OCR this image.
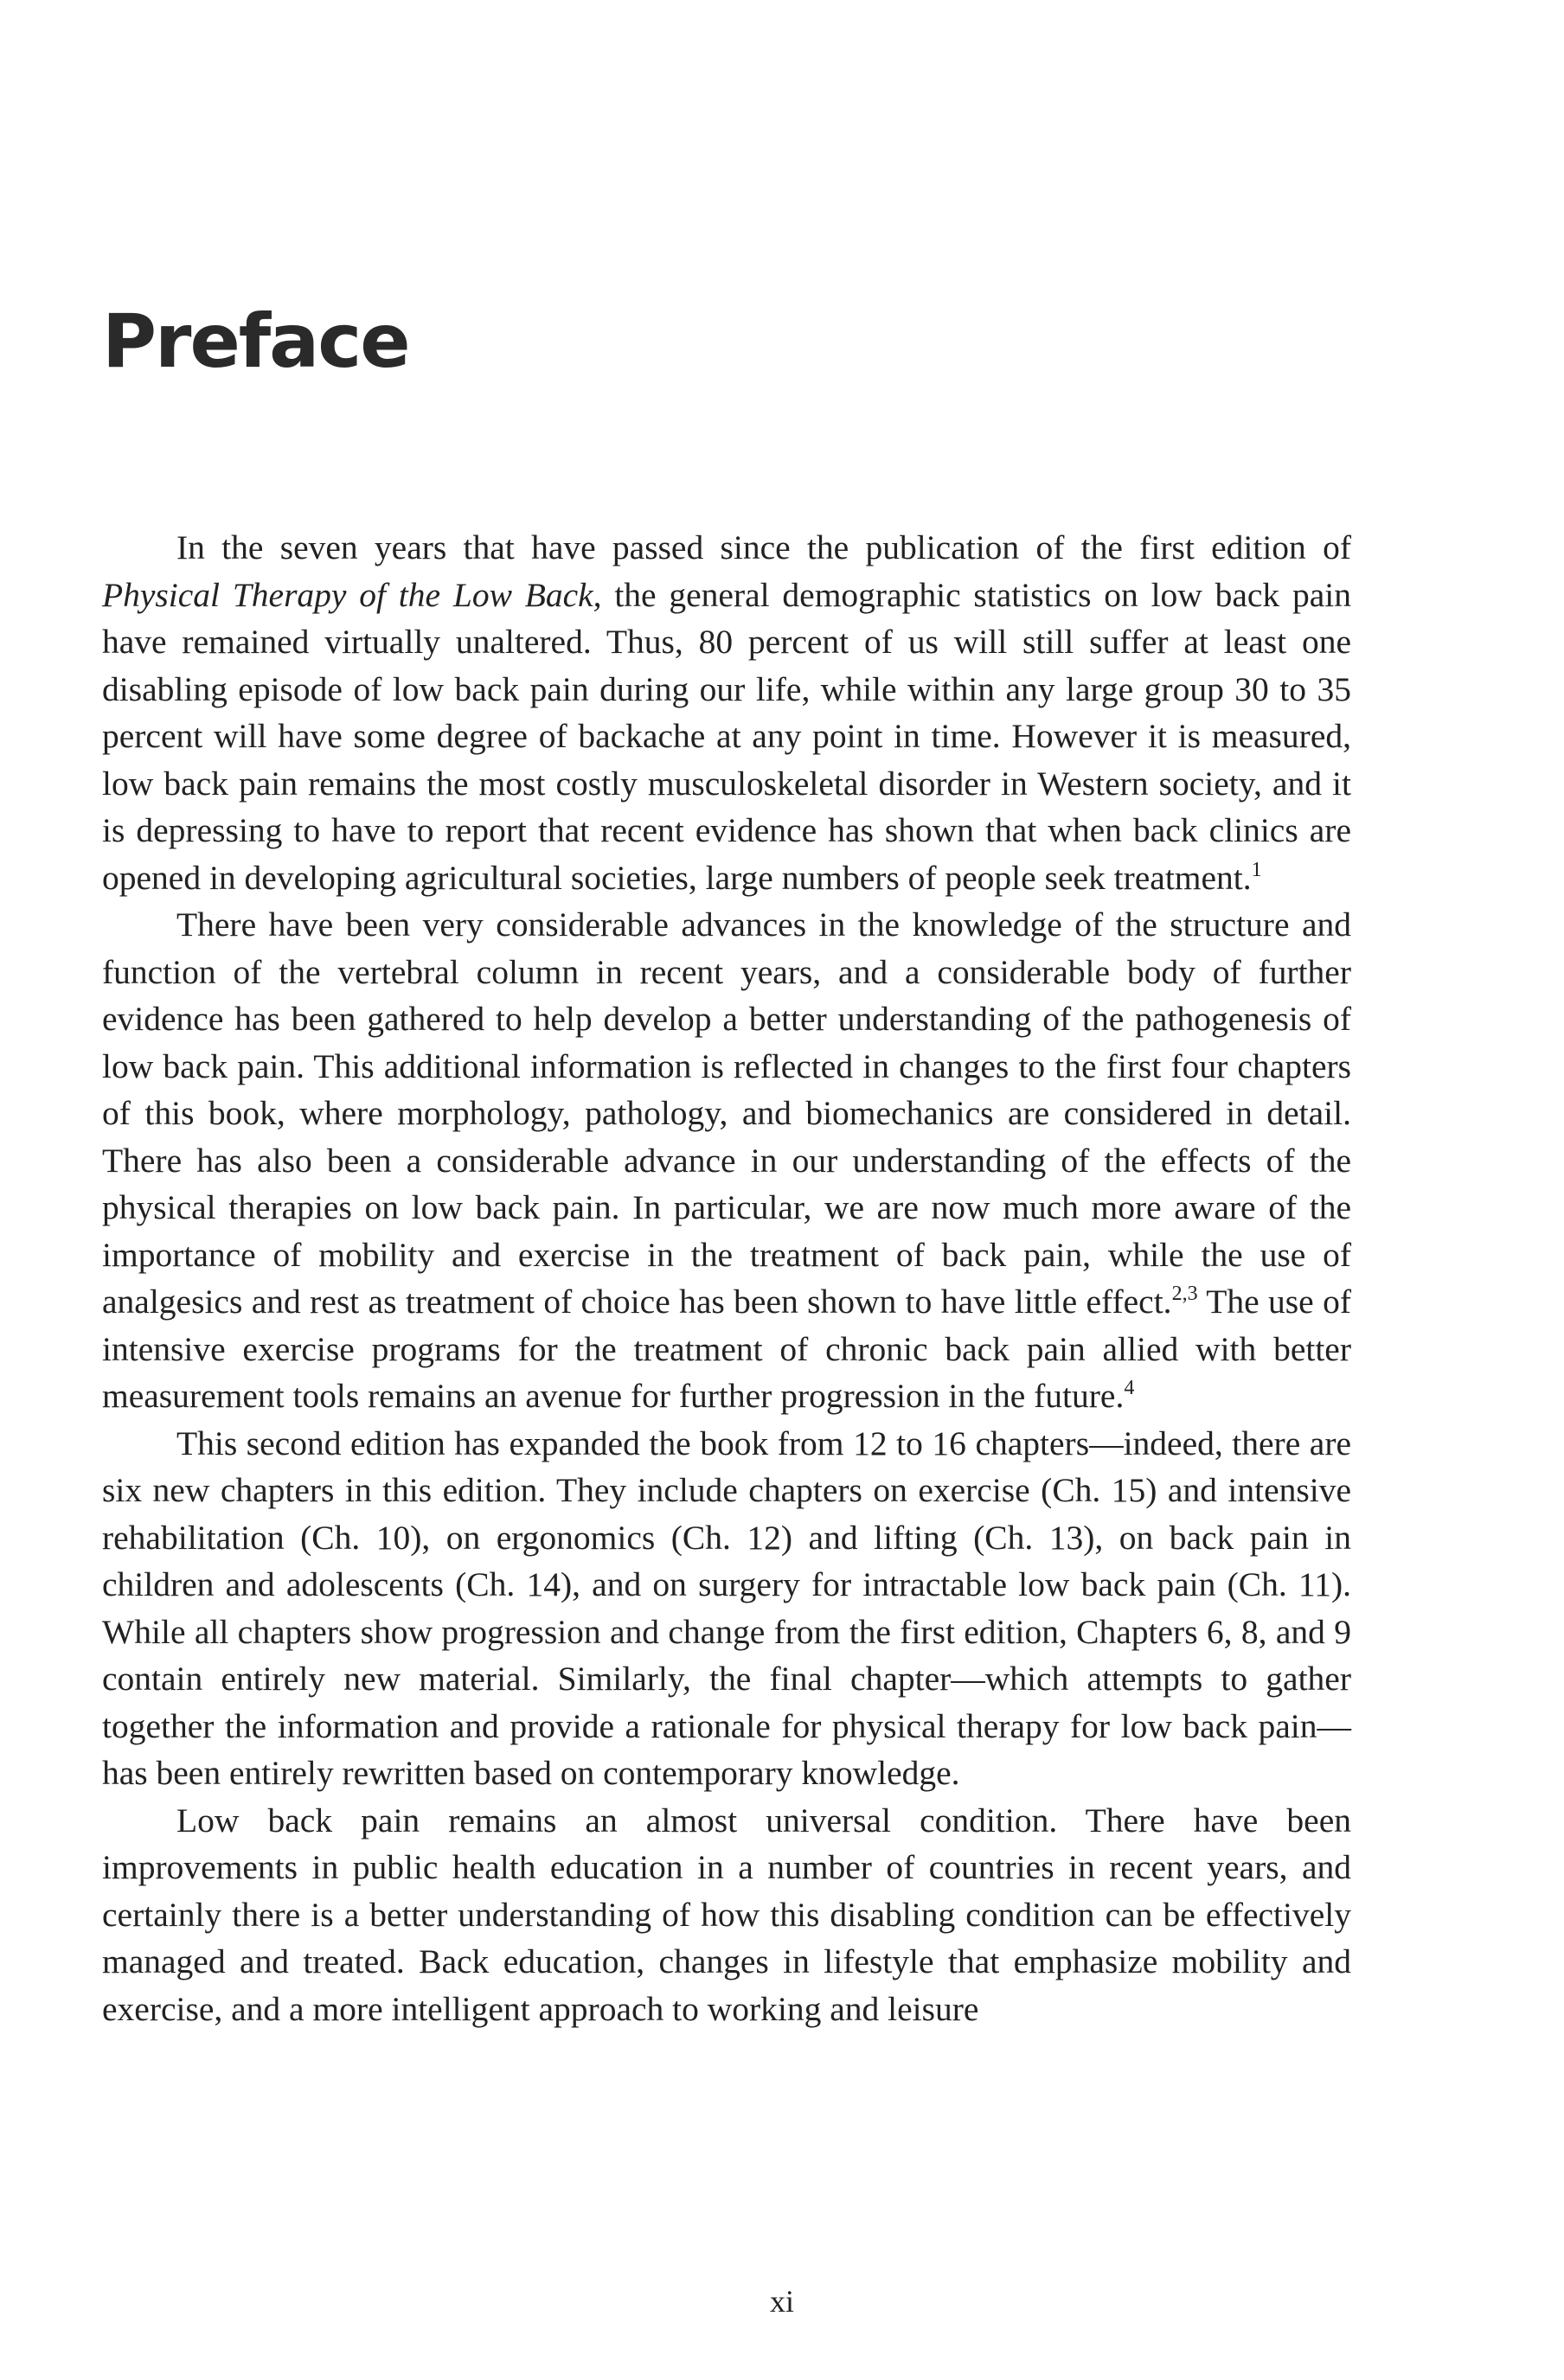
Preface

In the seven years that have passed since the publication of the first edition of Physical Therapy of the Low Back, the general demographic statistics on low back pain have remained virtually unaltered. Thus, 80 percent of us will still suffer at least one disabling episode of low back pain during our life, while within any large group 30 to 35 percent will have some degree of backache at any point in time. However it is measured, low back pain remains the most costly musculoskeletal disorder in Western society, and it is depressing to have to report that recent evidence has shown that when back clinics are opened in developing agricultural societies, large numbers of people seek treatment.$^1$

There have been very considerable advances in the knowledge of the structure and function of the vertebral column in recent years, and a considerable body of further evidence has been gathered to help develop a better understanding of the pathogenesis of low back pain. This additional information is reflected in changes to the first four chapters of this book, where morphology, pathology, and biomechanics are considered in detail. There has also been a considerable advance in our understanding of the effects of the physical therapies on low back pain. In particular, we are now much more aware of the importance of mobility and exercise in the treatment of back pain, while the use of analgesics and rest as treatment of choice has been shown to have little effect.$^{2,3}$ The use of intensive exercise programs for the treatment of chronic back pain allied with better measurement tools remains an avenue for further progression in the future.$^4$

This second edition has expanded the book from 12 to 16 chapters—indeed, there are six new chapters in this edition. They include chapters on exercise (Ch. 15) and intensive rehabilitation (Ch. 10), on ergonomics (Ch. 12) and lifting (Ch. 13), on back pain in children and adolescents (Ch. 14), and on surgery for intractable low back pain (Ch. 11). While all chapters show progression and change from the first edition, Chapters 6, 8, and 9 contain entirely new material. Similarly, the final chapter—which attempts to gather together the information and provide a rationale for physical therapy for low back pain—has been entirely rewritten based on contemporary knowledge.

Low back pain remains an almost universal condition. There have been improvements in public health education in a number of countries in recent years, and certainly there is a better understanding of how this disabling condition can be effectively managed and treated. Back education, changes in lifestyle that emphasize mobility and exercise, and a more intelligent approach to working and leisure

xi
